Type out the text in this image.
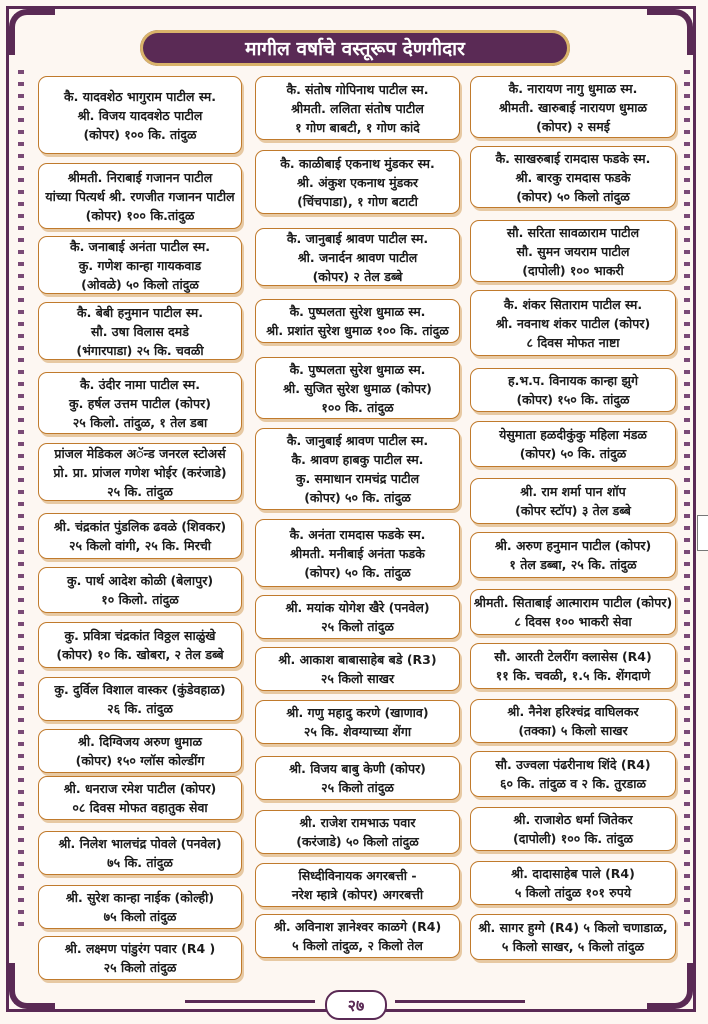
मागील वर्षाचे वस्तूरूप देणगीदार
कै. यादवशेठ भागुराम पाटील स्म.
श्री. विजय यादवशेठ पाटील
(कोपर) १०० कि. तांदुळ
श्रीमती. निराबाई गजानन पाटील
यांच्या पित्यर्थ श्री. रणजीत गजानन पाटील
(कोपर) १०० कि.तांदुळ
कै. जनाबाई अनंता पाटील स्म.
कु. गणेश कान्हा गायकवाड
(ओवळे) ५० किलो तांदुळ
कै. बेबी हनुमान पाटील स्म.
सौ. उषा विलास दमडे
(भंगारपाडा) २५ कि. चवळी
कै. उंदीर नामा पाटील स्म.
कु. हर्षल उत्तम पाटील (कोपर)
२५ किलो. तांदुळ, १ तेल डबा
प्रांजल मेडिकल अॅन्ड जनरल स्टोअर्स
प्रो. प्रा. प्रांजल गणेश भोईर (करंजाडे)
२५ कि. तांदुळ
श्री. चंद्रकांत पुंडलिक ढवळे (शिवकर)
२५ किलो वांगी, २५ कि. मिरची
कु. पार्थ आदेश कोळी (बेलापुर)
१० किलो. तांदुळ
कु. प्रवित्रा चंद्रकांत विठ्ठल साळुंखे
(कोपर) १० कि. खोबरा, २ तेल डब्बे
कु. दुर्विल विशाल वास्कर (कुंडेवहाळ)
२६ कि. तांदुळ
श्री. दिग्विजय अरुण धुमाळ
(कोपर) १५० ग्लॉस कोल्डींग
श्री. धनराज रमेश पाटील (कोपर)
०८ दिवस मोफत वहातुक सेवा
श्री. निलेश भालचंद्र पोवले (पनवेल)
७५ कि. तांदुळ
श्री. सुरेश कान्हा नाईक (कोल्ही)
७५ किलो तांदुळ
श्री. लक्ष्मण पांडुरंग पवार (R4 )
२५ किलो तांदुळ
कै. संतोष गोपिनाथ पाटील स्म.
श्रीमती. ललिता संतोष पाटील
१ गोण बाबटी, १ गोण कांदे
कै. काळीबाई एकनाथ मुंडकर स्म.
श्री. अंकुश एकनाथ मुंडकर
(चिंचपाडा), १ गोण बटाटी
कै. जानुबाई श्रावण पाटील स्म.
श्री. जनार्दन श्रावण पाटील
(कोपर) २ तेल डब्बे
कै. पुष्पलता सुरेश धुमाळ स्म.
श्री. प्रशांत सुरेश धुमाळ १०० कि. तांदुळ
कै. पुष्पलता सुरेश धुमाळ स्म.
श्री. सुजित सुरेश धुमाळ (कोपर)
१०० कि. तांदुळ
कै. जानुबाई श्रावण पाटील स्म.
कै. श्रावण हाबकु पाटील स्म.
कु. समाधान रामचंद्र पाटील
(कोपर) ५० कि. तांदुळ
कै. अनंता रामदास फडके स्म.
श्रीमती. मनीबाई अनंता फडके
(कोपर) ५० कि. तांदुळ
श्री. मयांक योगेश खैरे (पनवेल)
२५ किलो तांदुळ
श्री. आकाश बाबासाहेब बडे (R3)
२५ किलो साखर
श्री. गणु महादु करणे (खाणाव)
२५ कि. शेवग्याच्या शेंगा
श्री. विजय बाबु केणी (कोपर)
२५ किलो तांदुळ
श्री. राजेश रामभाऊ पवार
(करंजाडे) ५० किलो तांदुळ
सिध्दीविनायक अगरबत्ती -
नरेश म्हात्रे (कोपर) अगरबत्ती
श्री. अविनाश ज्ञानेश्वर काळगे (R4)
५ किलो तांदुळ, २ किलो तेल
कै. नारायण नागु धुमाळ स्म.
श्रीमती. खारुबाई नारायण धुमाळ
(कोपर) २ समई
कै. साखरुबाई रामदास फडके स्म.
श्री. बारकु रामदास फडके
(कोपर) ५० किलो तांदुळ
सौ. सरिता सावळाराम पाटील
सौ. सुमन जयराम पाटील
(दापोली) १०० भाकरी
कै. शंकर सिताराम पाटील स्म.
श्री. नवनाथ शंकर पाटील (कोपर)
८ दिवस मोफत नाष्टा
ह.भ.प. विनायक कान्हा झुगे
(कोपर) १५० कि. तांदुळ
येसुमाता हळदीकुंकु महिला मंडळ
(कोपर) ५० कि. तांदुळ
श्री. राम शर्मा पान शॉप
(कोपर स्टॉप) ३ तेल डब्बे
श्री. अरुण हनुमान पाटील (कोपर)
१ तेल डब्बा, २५ कि. तांदुळ
श्रीमती. सिताबाई आत्माराम पाटील (कोपर)
८ दिवस १०० भाकरी सेवा
सौ. आरती टेलरींग क्लासेस (R4)
११ कि. चवळी, १.५ कि. शेंगदाणे
श्री. नैनेश हरिश्चंद्र वाघिलकर
(तक्का) ५ किलो साखर
सौ. उज्वला पंढरीनाथ शिंदे (R4)
६० कि. तांदुळ व २ कि. तुरडाळ
श्री. राजाशेठ धर्मा जितेकर
(दापोली) १०० कि. तांदुळ
श्री. दादासाहेब पाले (R4)
५ किलो तांदुळ १०१ रुपये
श्री. सागर हुग्गे (R4) ५ किलो चणाडाळ,
५ किलो साखर, ५ किलो तांदुळ
२७
